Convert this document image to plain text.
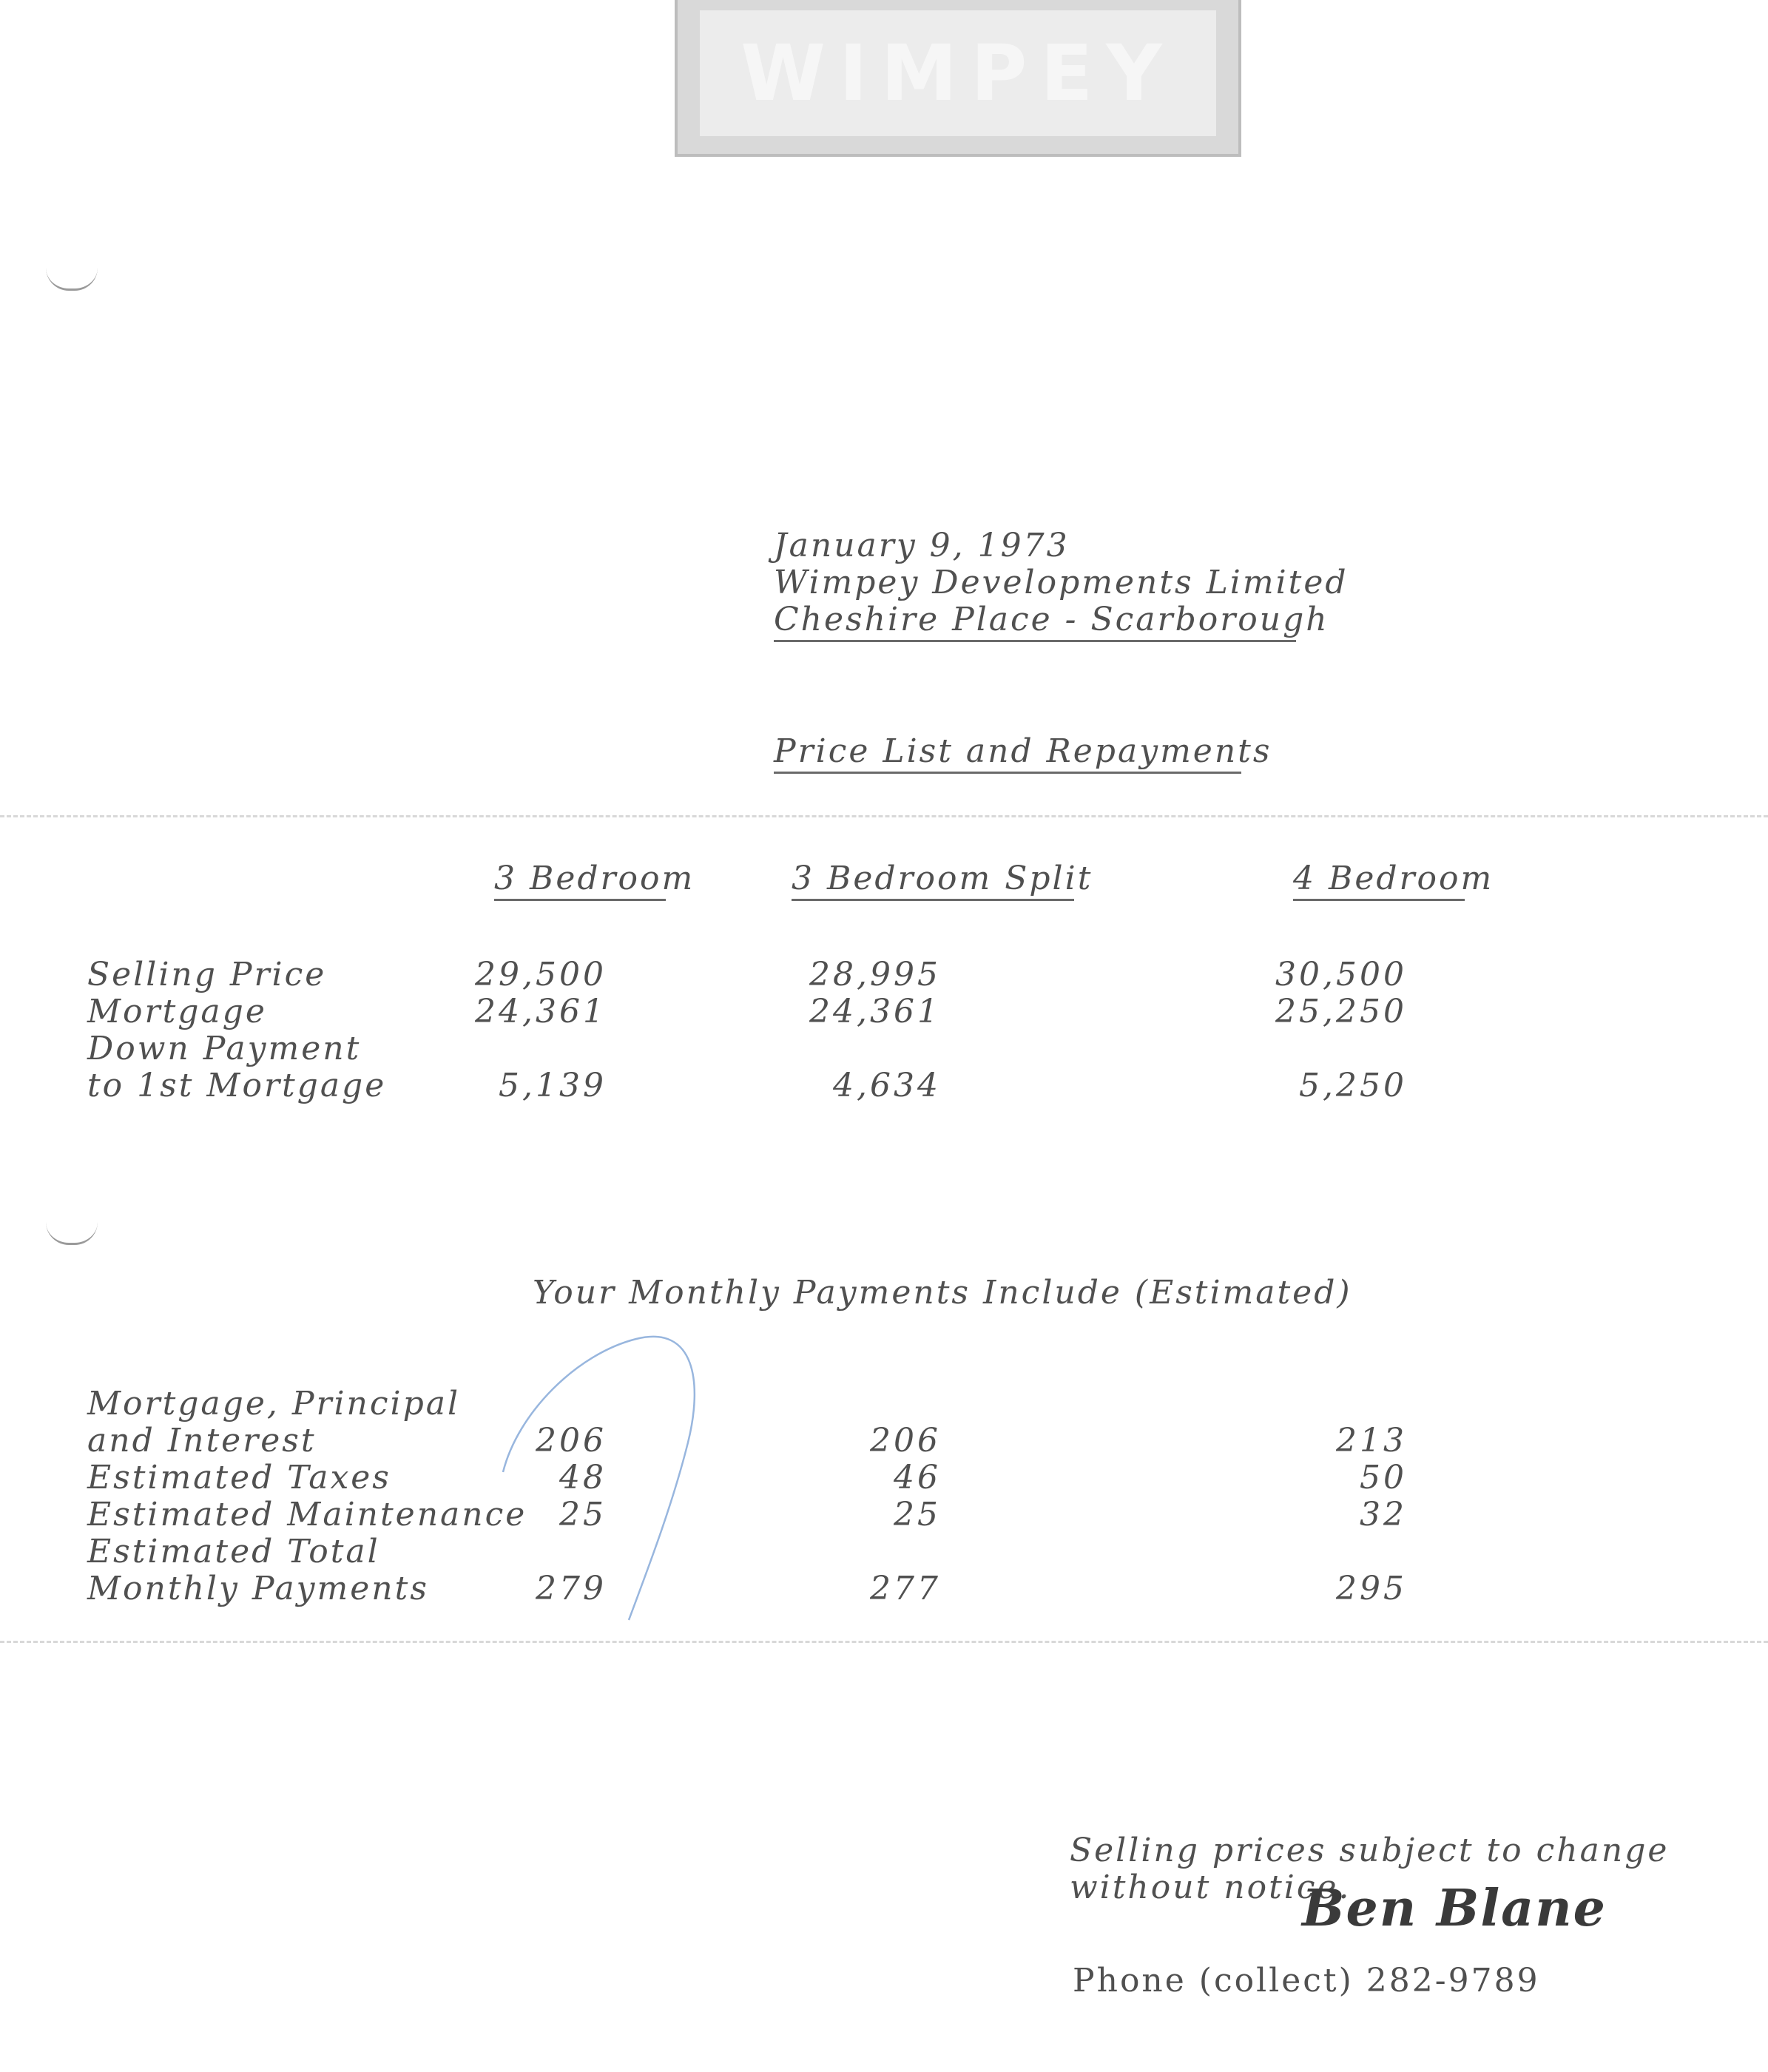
WIMPEY
January 9, 1973
Wimpey Developments Limited
Cheshire Place - Scarborough
Price List and Repayments
3 Bedroom	3 Bedroom Split	4 Bedroom
Selling Price	29,500	28,995	30,500
Mortgage	24,361	24,361	25,250
Down Payment
to 1st Mortgage	5,139	4,634	5,250
Your Monthly Payments Include (Estimated)
Mortgage, Principal
and Interest	206	206	213
Estimated Taxes	48	46	50
Estimated Maintenance 25	25	32
Estimated Total
Monthly Payments	279	277	295
Selling prices subject to change
without notice.
Ben Blane
Phone (collect) 282-9789
